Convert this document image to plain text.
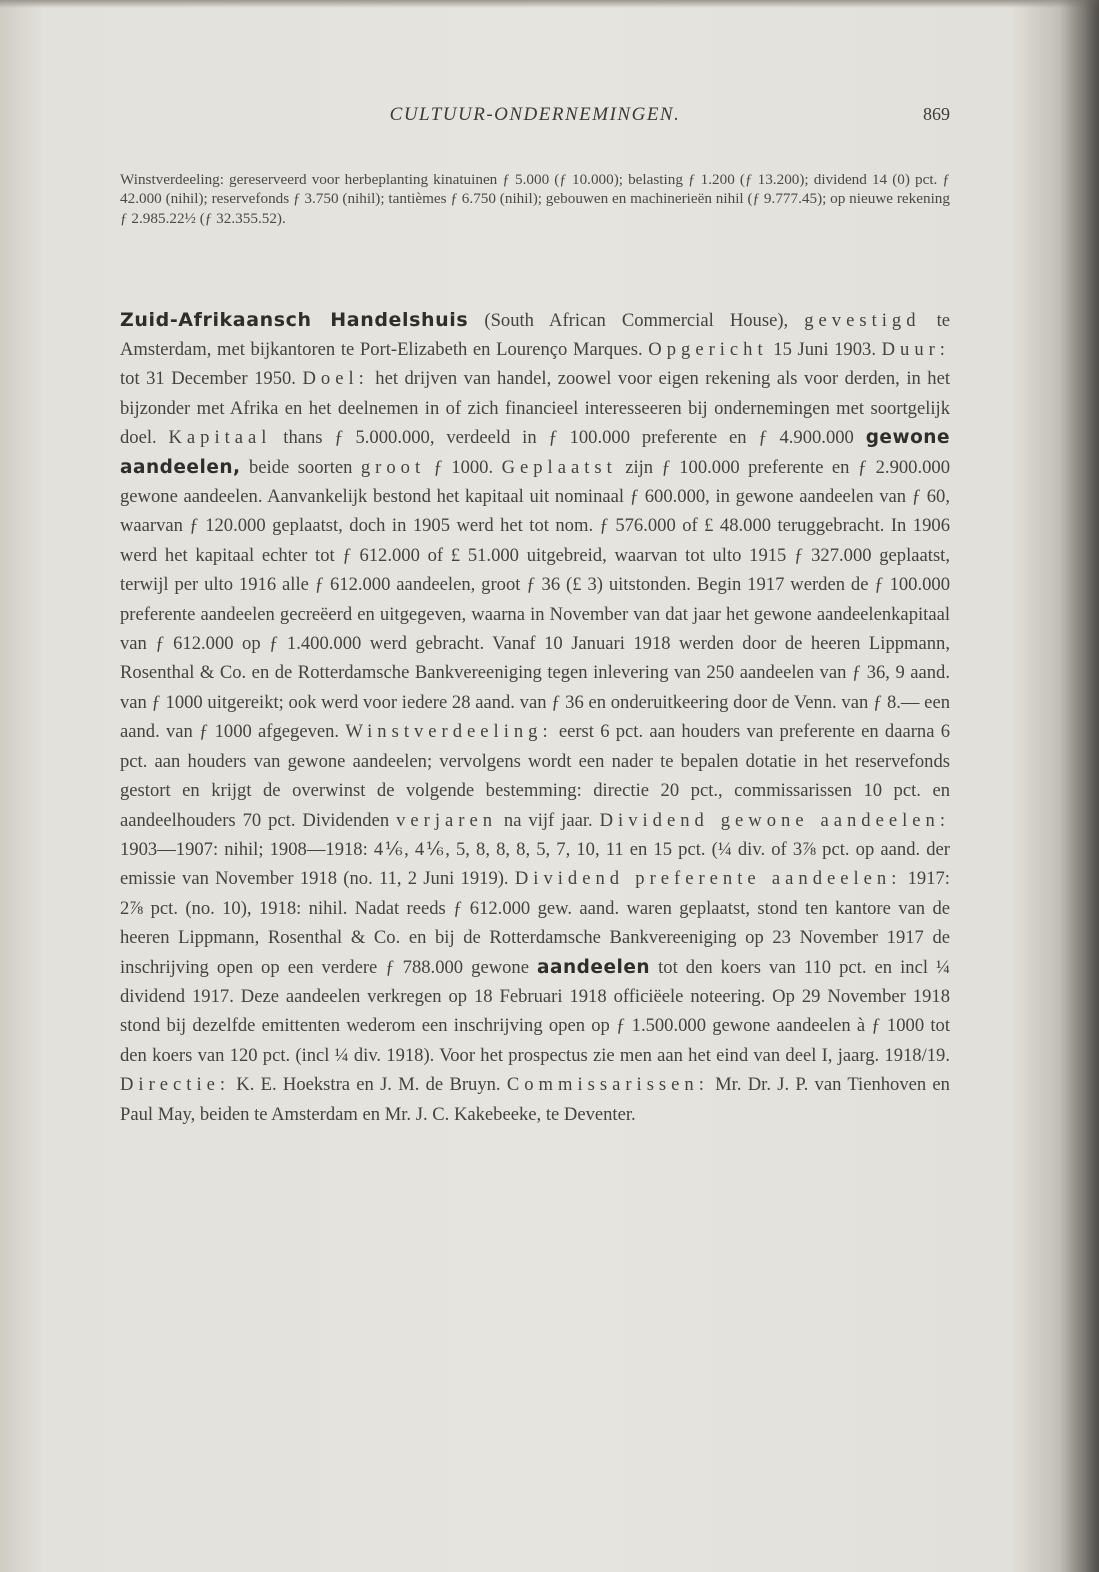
CULTUUR-ONDERNEMINGEN.	869

Winstverdeeling: gereserveerd voor herbeplanting kinatuinen ƒ 5.000 (ƒ 10.000); belasting ƒ 1.200 (ƒ 13.200); dividend 14 (0) pct. ƒ 42.000 (nihil); reservefonds ƒ 3.750 (nihil); tantièmes ƒ 6.750 (nihil); gebouwen en machinerieën nihil (ƒ 9.777.45); op nieuwe rekening ƒ 2.985.22½ (ƒ 32.355.52).

Zuid-Afrikaansch Handelshuis (South African Commercial House), gevestigd te Amsterdam, met bijkantoren te Port-Elizabeth en Lourenço Marques. Opgericht 15 Juni 1903. Duur: tot 31 December 1950. Doel: het drijven van handel, zoowel voor eigen rekening als voor derden, in het bijzonder met Afrika en het deelnemen in of zich financieel interesseeren bij ondernemingen met soortgelijk doel. Kapitaal thans ƒ 5.000.000, verdeeld in ƒ 100.000 preferente en ƒ 4.900.000 gewone aandeelen, beide soorten groot ƒ 1000. Geplaatst zijn ƒ 100.000 preferente en ƒ 2.900.000 gewone aandeelen. Aanvankelijk bestond het kapitaal uit nominaal ƒ 600.000, in gewone aandeelen van ƒ 60, waarvan ƒ 120.000 geplaatst, doch in 1905 werd het tot nom. ƒ 576.000 of £ 48.000 teruggebracht. In 1906 werd het kapitaal echter tot ƒ 612.000 of £ 51.000 uitgebreid, waarvan tot ulto 1915 ƒ 327.000 geplaatst, terwijl per ulto 1916 alle ƒ 612.000 aandeelen, groot ƒ 36 (£ 3) uitstonden. Begin 1917 werden de ƒ 100.000 preferente aandeelen gecreëerd en uitgegeven, waarna in November van dat jaar het gewone aandeelenkapitaal van ƒ 612.000 op ƒ 1.400.000 werd gebracht. Vanaf 10 Januari 1918 werden door de heeren Lippmann, Rosenthal & Co. en de Rotterdamsche Bankvereeniging tegen inlevering van 250 aandeelen van ƒ 36, 9 aand. van ƒ 1000 uitgereikt; ook werd voor iedere 28 aand. van ƒ 36 en onderuitkeering door de Venn. van ƒ 8.— een aand. van ƒ 1000 afgegeven. Winstverdeeling: eerst 6 pct. aan houders van preferente en daarna 6 pct. aan houders van gewone aandeelen; vervolgens wordt een nader te bepalen dotatie in het reservefonds gestort en krijgt de overwinst de volgende bestemming: directie 20 pct., commissarissen 10 pct. en aandeelhouders 70 pct. Dividenden verjaren na vijf jaar. Dividend gewone aandeelen: 1903—1907: nihil; 1908—1918: 4⅙, 4⅙, 5, 8, 8, 8, 5, 7, 10, 11 en 15 pct. (¼ div. of 3⅞ pct. op aand. der emissie van November 1918 (no. 11, 2 Juni 1919). Dividend preferente aandeelen: 1917: 2⅞ pct. (no. 10), 1918: nihil. Nadat reeds ƒ 612.000 gew. aand. waren geplaatst, stond ten kantore van de heeren Lippmann, Rosenthal & Co. en bij de Rotterdamsche Bankvereeniging op 23 November 1917 de inschrijving open op een verdere ƒ 788.000 gewone aandeelen tot den koers van 110 pct. en incl ¼ dividend 1917. Deze aandeelen verkregen op 18 Februari 1918 officiëele noteering. Op 29 November 1918 stond bij dezelfde emittenten wederom een inschrijving open op ƒ 1.500.000 gewone aandeelen à ƒ 1000 tot den koers van 120 pct. (incl ¼ div. 1918). Voor het prospectus zie men aan het eind van deel I, jaarg. 1918/19. Directie: K. E. Hoekstra en J. M. de Bruyn. Commissarissen: Mr. Dr. J. P. van Tienhoven en Paul May, beiden te Amsterdam en Mr. J. C. Kakebeeke, te Deventer.
